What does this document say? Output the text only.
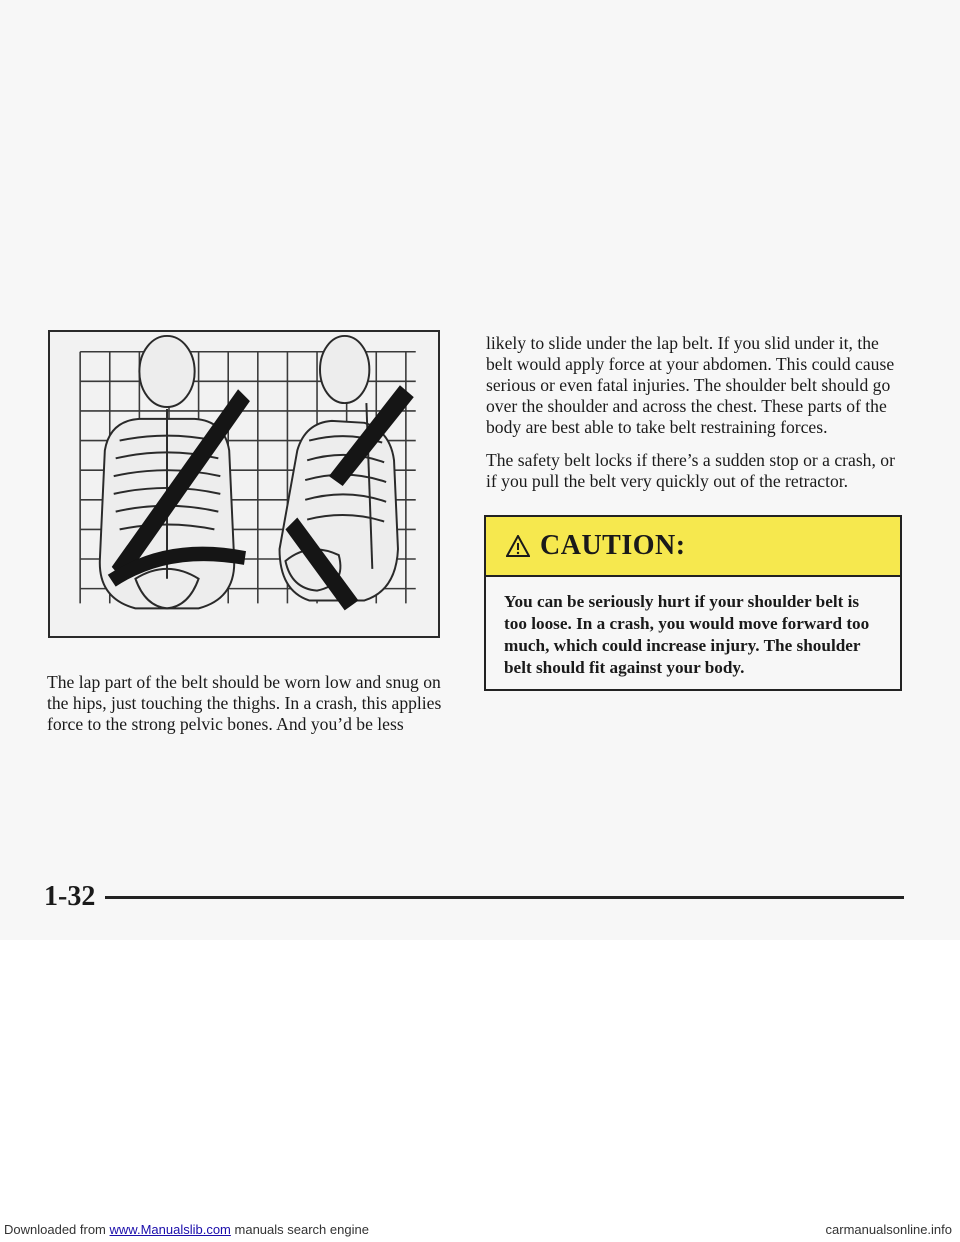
The lap part of the belt should be worn low and snug on the hips, just touching the thighs. In a crash, this applies force to the strong pelvic bones. And you’d be less

likely to slide under the lap belt. If you slid under it, the belt would apply force at your abdomen. This could cause serious or even fatal injuries. The shoulder belt should go over the shoulder and across the chest. These parts of the body are best able to take belt restraining forces.

The safety belt locks if there’s a sudden stop or a crash, or if you pull the belt very quickly out of the retractor.

CAUTION:
You can be seriously hurt if your shoulder belt is too loose. In a crash, you would move forward too much, which could increase injury. The shoulder belt should fit against your body.
1-32
Downloaded from www.Manualslib.com manuals search engine	carmanualsonline.info
